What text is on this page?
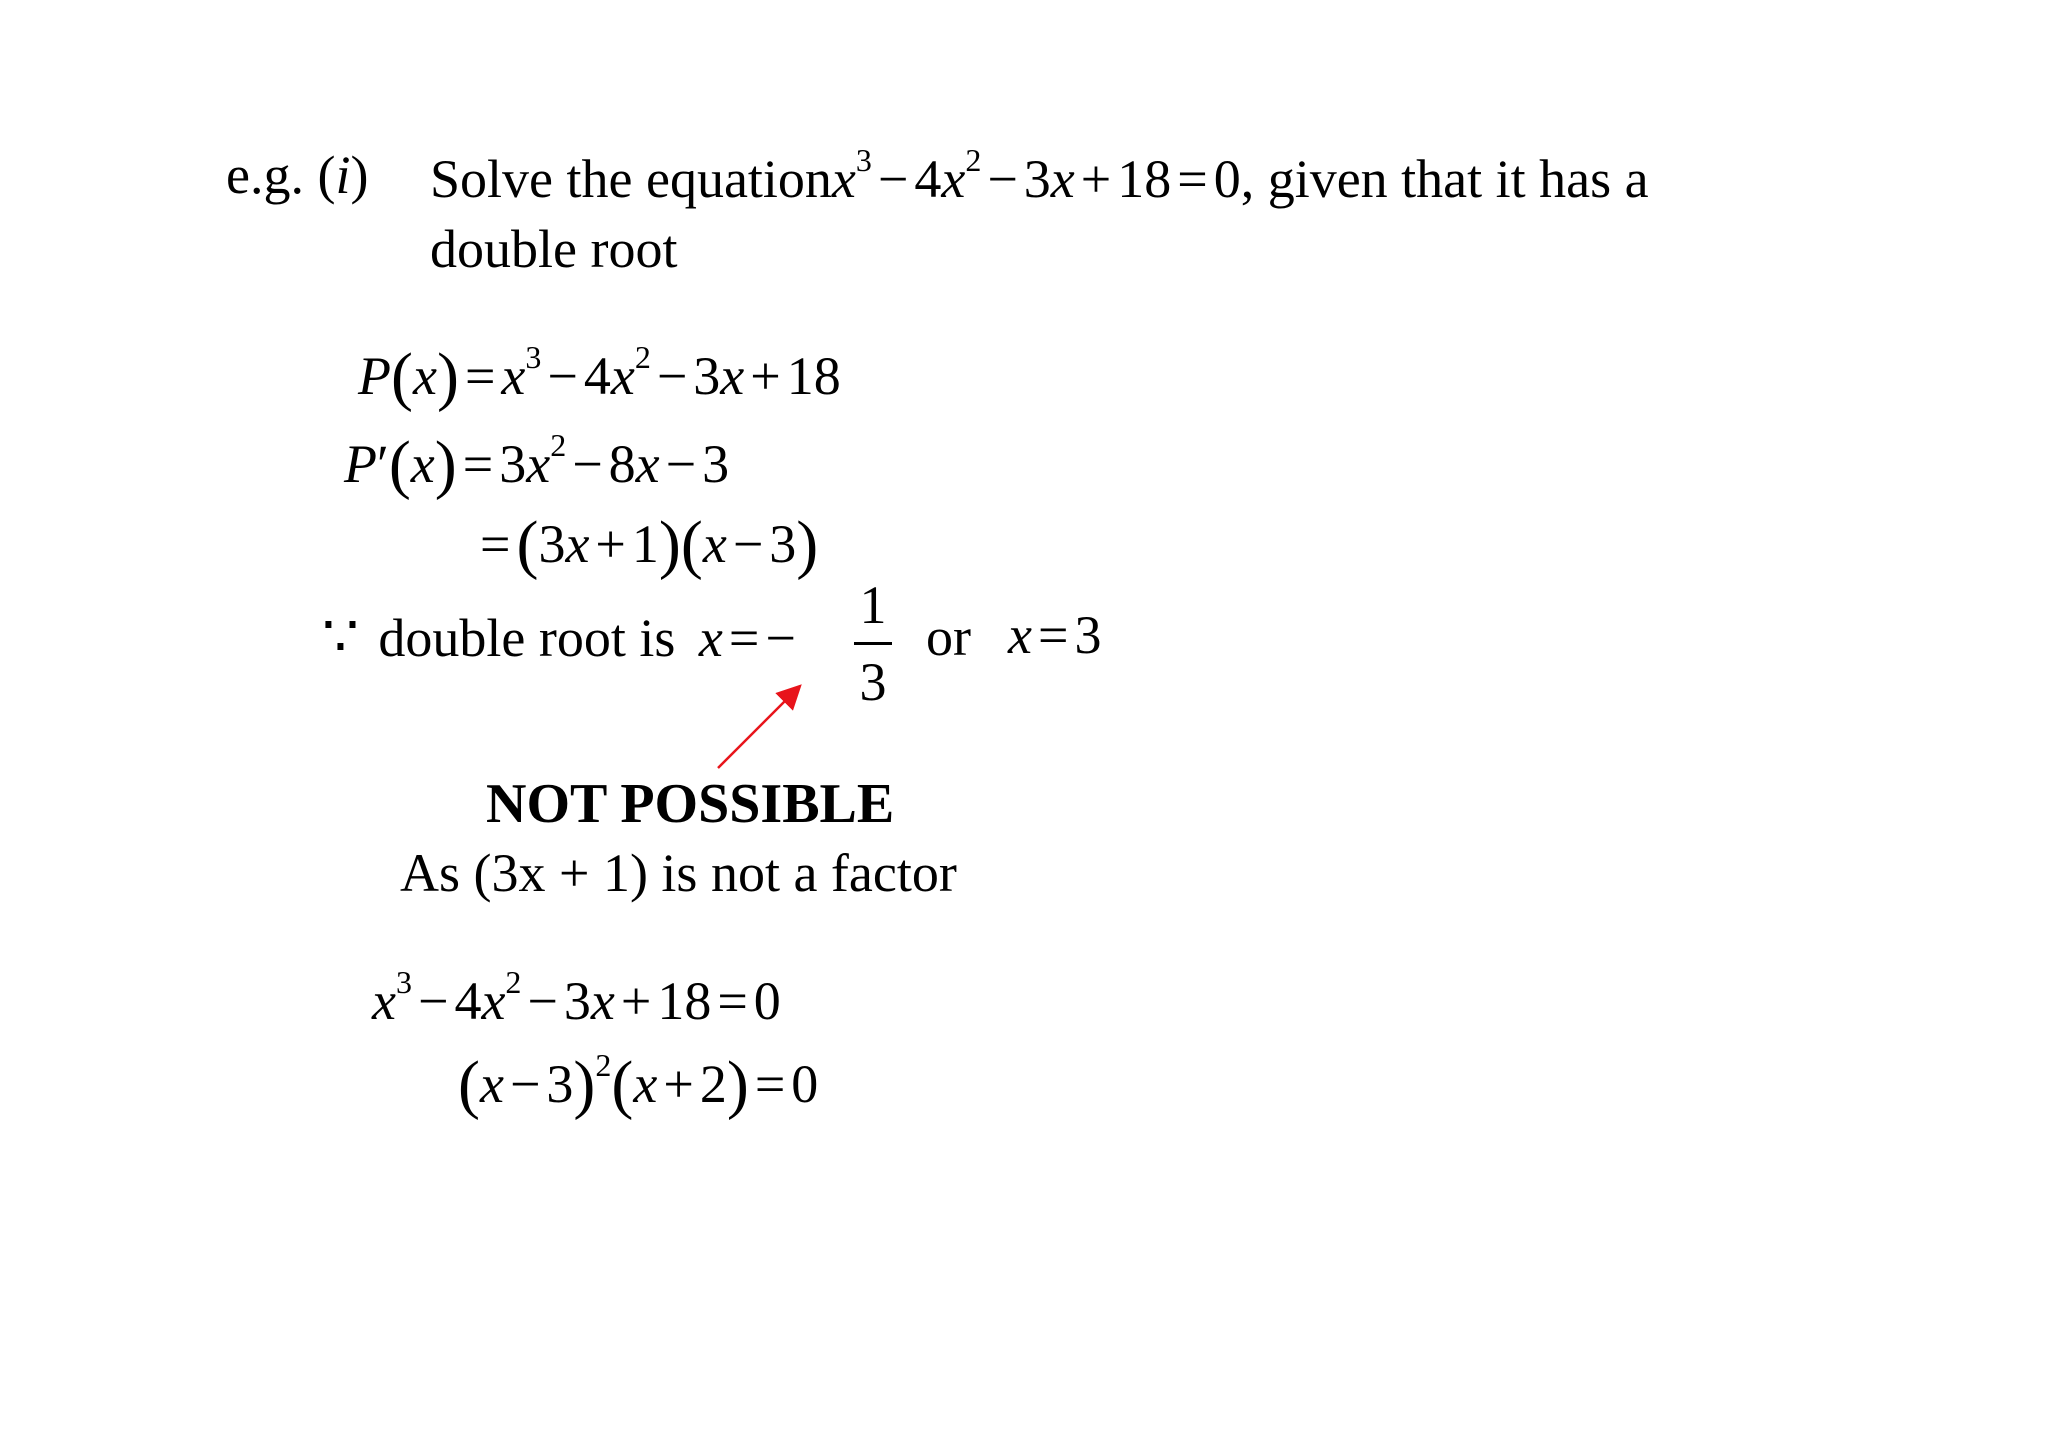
e.g. (i) Solve the equationx$^3$ − $4x^2 - 3x + 18 = 0$, given that it has a
double root
$P(x) = x^3 - 4x^2 - 3x + 18$
$P'(x) = 3x^2 - 8x - 3$
=(3x + 1)(x − 3)
∵ double root is x = −
1
3
or x = 3
NOT POSSIBLE
As (3x + 1) is not a factor
$x^3 - 4x^2 - 3x + 18 = 0$
$(x - 3)^2(x + 2) = 0$
